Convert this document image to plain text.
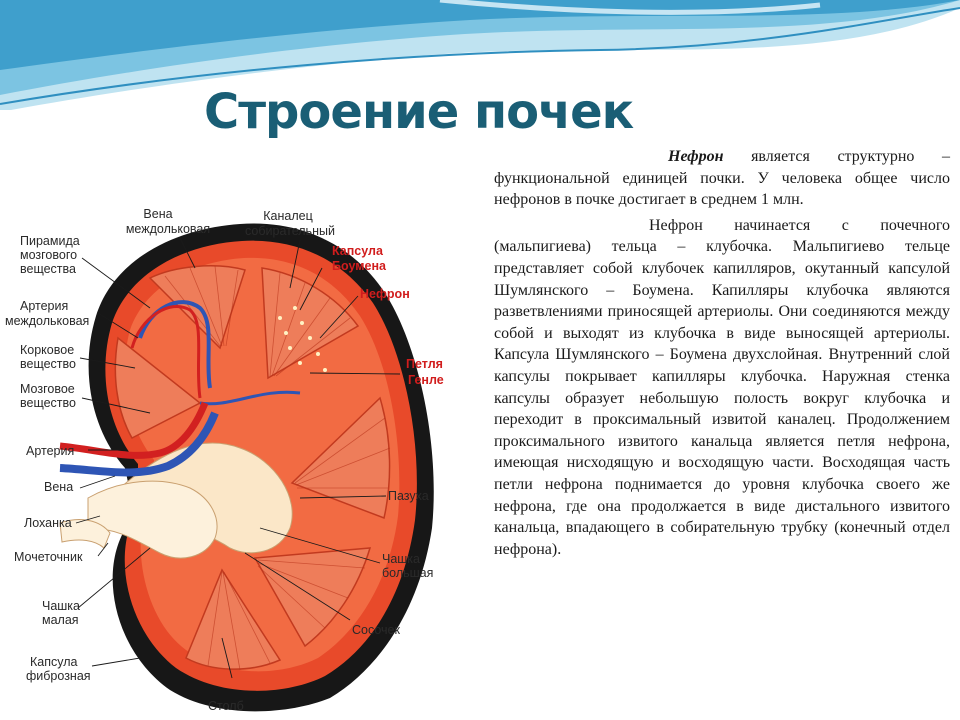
Строение почек

Нефрон является структурно – функциональной единицей почки. У человека общее число нефронов в почке достигает в среднем 1 млн.

Нефрон начинается с почечного (мальпигиева) тельца – клубочка. Мальпигиево тельце представляет собой клубочек капилляров, окутанный капсулой Шумлянского – Боумена. Капилляры клубочка являются разветвлениями приносящей артериолы. Они соединяются между собой и выходят из клубочка в виде выносящей артериолы. Капсула Шумлянского – Боумена двухслойная. Внутренний слой капсулы покрывает капилляры клубочка. Наружная стенка капсулы образует небольшую полость вокруг клубочка и переходит в проксимальный извитой каналец. Продолжением проксимального извитого канальца является петля нефрона, имеющая нисходящую и восходящую части. Восходящая часть петли нефрона поднимается до уровня клубочка своего же нефрона, где она продолжается в виде дистального извитого канальца, впадающего в собирательную трубку (конечный отдел нефрона).

Вена
междольковая
Каналец
собирательный
Капсула
Боумена
Нефрон
Петля
Генле
Пирамида
мозгового
вещества
Артерия
междольковая
Корковое
вещество
Мозговое
вещество
Артерия
Вена
Лоханка
Мочеточник
Чашка
малая
Капсула
фиброзная
Пазуха
Чашка
большая
Сосочек
Столб
